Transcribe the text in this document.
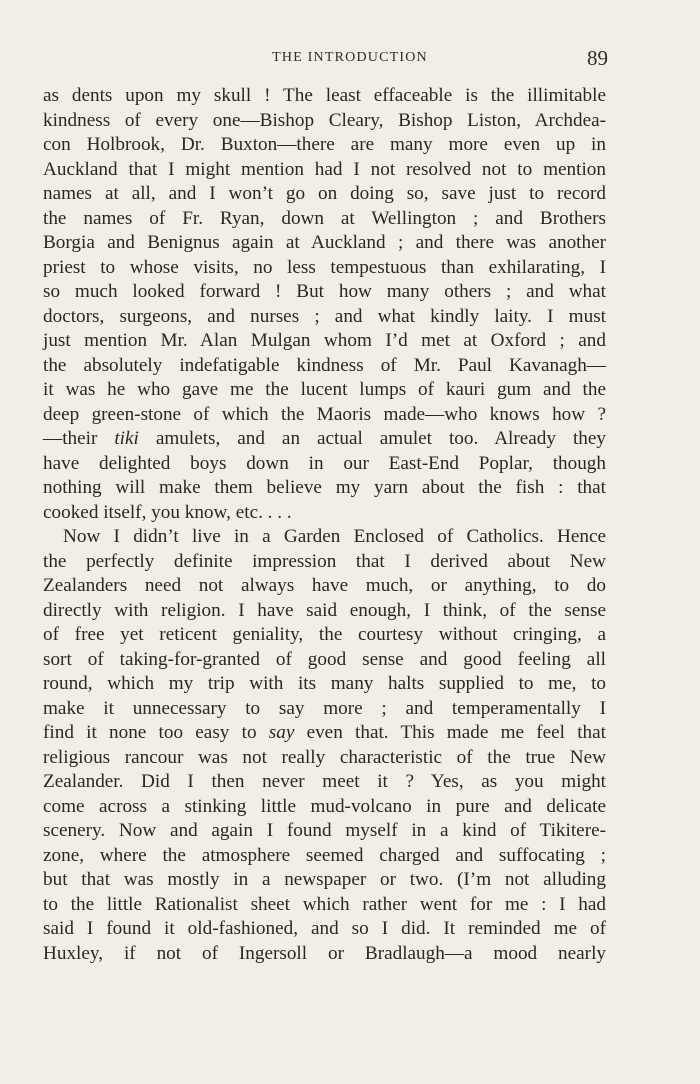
THE INTRODUCTION	89
as dents upon my skull ! The least effaceable is the illimitable
kindness of every one—Bishop Cleary, Bishop Liston, Archdea-
con Holbrook, Dr. Buxton—there are many more even up in
Auckland that I might mention had I not resolved not to mention
names at all, and I won’t go on doing so, save just to record
the names of Fr. Ryan, down at Wellington ; and Brothers
Borgia and Benignus again at Auckland ; and there was another
priest to whose visits, no less tempestuous than exhilarating, I
so much looked forward ! But how many others ; and what
doctors, surgeons, and nurses ; and what kindly laity. I must
just mention Mr. Alan Mulgan whom I’d met at Oxford ; and
the absolutely indefatigable kindness of Mr. Paul Kavanagh—
it was he who gave me the lucent lumps of kauri gum and the
deep green-stone of which the Maoris made—who knows how ?
—their tiki amulets, and an actual amulet too. Already they
have delighted boys down in our East-End Poplar, though
nothing will make them believe my yarn about the fish : that
cooked itself, you know, etc. . . .
Now I didn’t live in a Garden Enclosed of Catholics. Hence
the perfectly definite impression that I derived about New
Zealanders need not always have much, or anything, to do
directly with religion. I have said enough, I think, of the sense
of free yet reticent geniality, the courtesy without cringing, a
sort of taking-for-granted of good sense and good feeling all
round, which my trip with its many halts supplied to me, to
make it unnecessary to say more ; and temperamentally I
find it none too easy to say even that. This made me feel that
religious rancour was not really characteristic of the true New
Zealander. Did I then never meet it ? Yes, as you might
come across a stinking little mud-volcano in pure and delicate
scenery. Now and again I found myself in a kind of Tikitere-
zone, where the atmosphere seemed charged and suffocating ;
but that was mostly in a newspaper or two. (I’m not alluding
to the little Rationalist sheet which rather went for me : I had
said I found it old-fashioned, and so I did. It reminded me of
Huxley, if not of Ingersoll or Bradlaugh—a mood nearly
